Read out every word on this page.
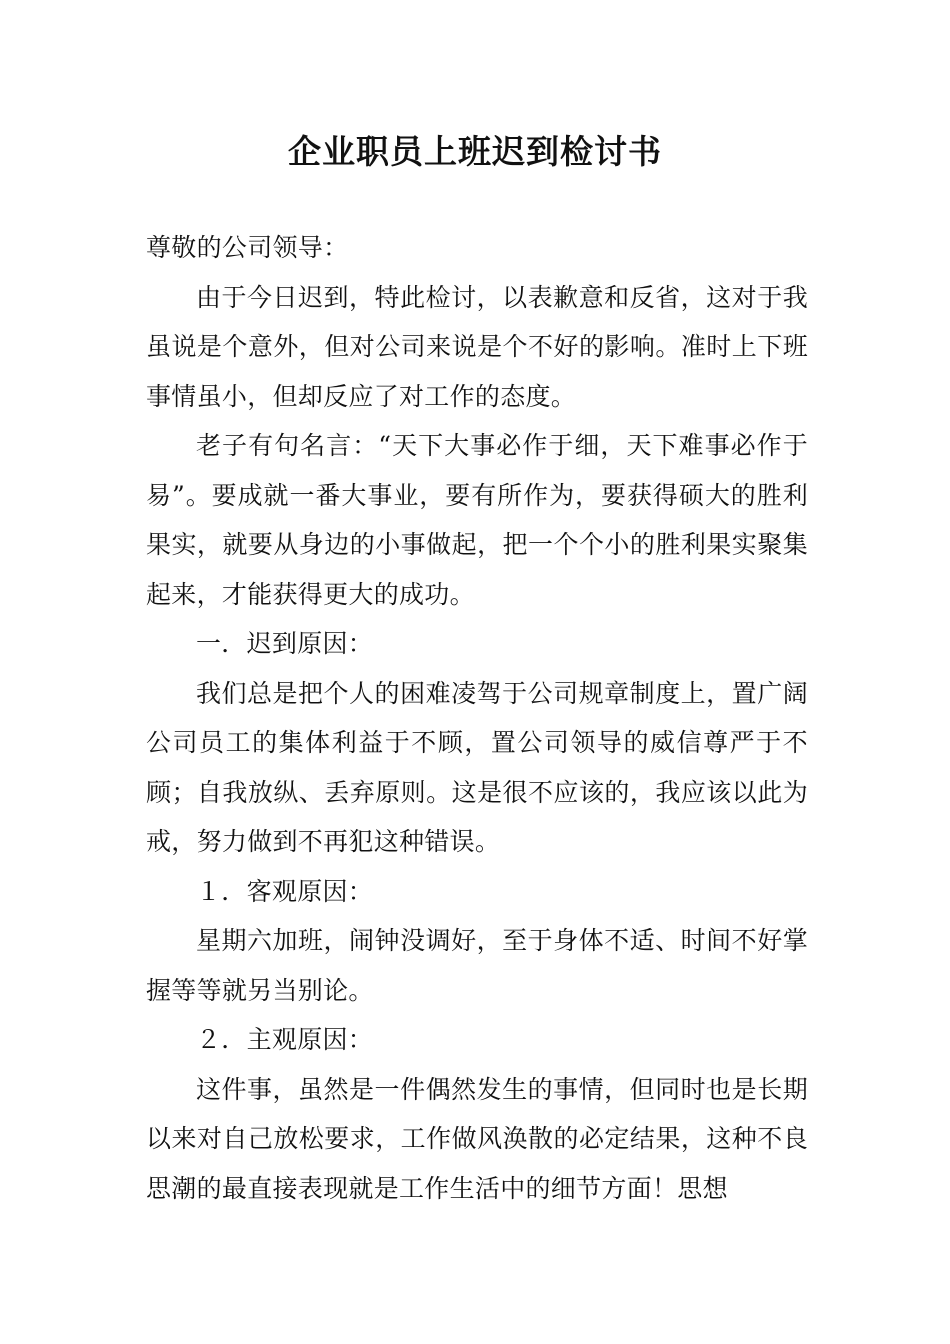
企业职员上班迟到检讨书

尊敬的公司领导：

由于今日迟到，特此检讨，以表歉意和反省，这对于我虽说是个意外，但对公司来说是个不好的影响。准时上下班事情虽小，但却反应了对工作的态度。

老子有句名言：“天下大事必作于细，天下难事必作于易”。要成就一番大事业，要有所作为，要获得硕大的胜利果实，就要从身边的小事做起，把一个个小的胜利果实聚集起来，才能获得更大的成功。

一．迟到原因：

我们总是把个人的困难凌驾于公司规章制度上，置广阔公司员工的集体利益于不顾，置公司领导的威信尊严于不顾；自我放纵、丢弃原则。这是很不应该的，我应该以此为戒，努力做到不再犯这种错误。

１．客观原因：

星期六加班，闹钟没调好，至于身体不适、时间不好掌握等等就另当别论。

２．主观原因：

这件事，虽然是一件偶然发生的事情，但同时也是长期以来对自己放松要求，工作做风涣散的必定结果，这种不良思潮的最直接表现就是工作生活中的细节方面！思想
